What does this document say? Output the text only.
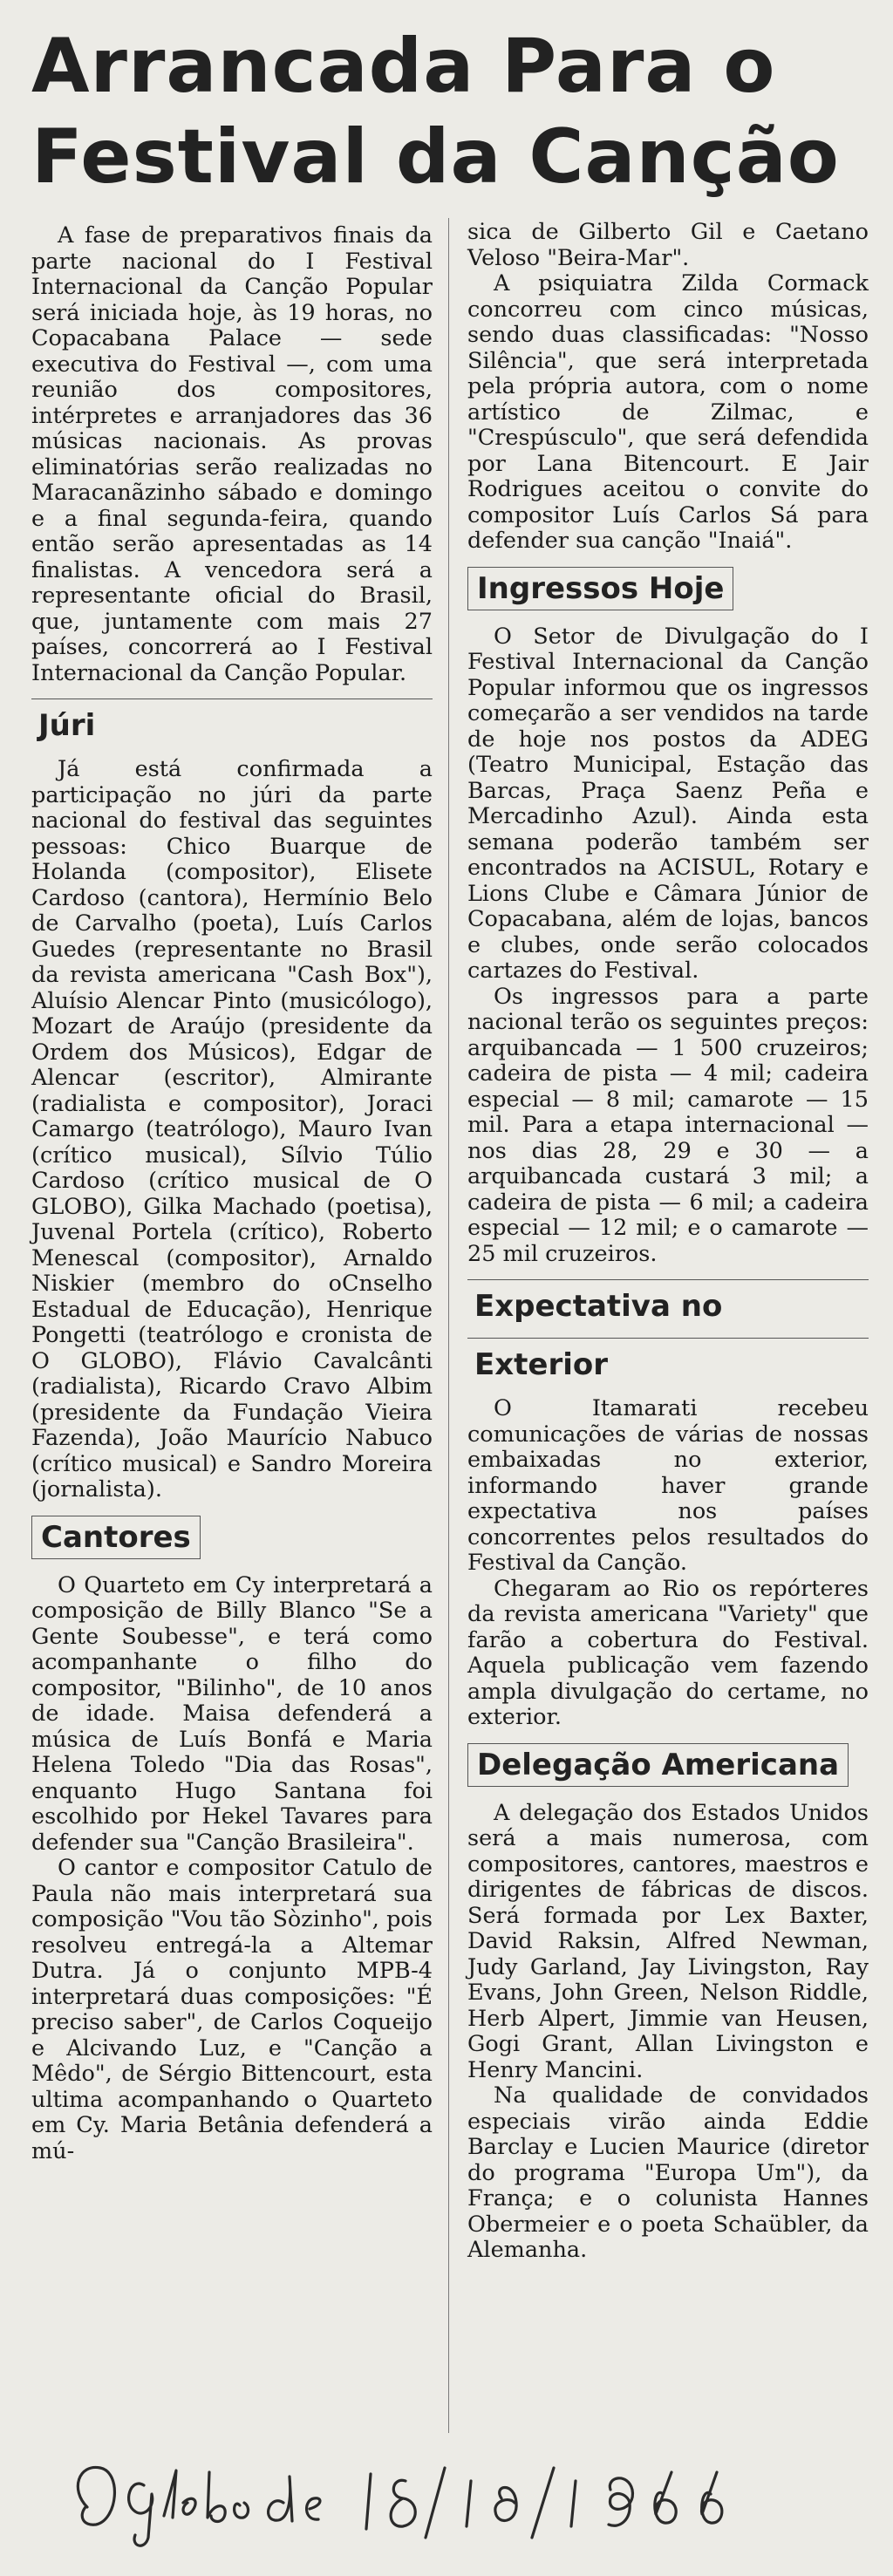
Arrancada Para o
Festival da Canção

A fase de preparativos finais da parte nacional do I Festival Internacional da Canção Popular será iniciada hoje, às 19 horas, no Copacabana Palace — sede executiva do Festival —, com uma reunião dos compositores, intérpretes e arranjadores das 36 músicas nacionais. As provas eliminatórias serão realizadas no Maracanãzinho sábado e domingo e a final segunda-feira, quando então serão apresentadas as 14 finalistas. A vencedora será a representante oficial do Brasil, que, juntamente com mais 27 países, concorrerá ao I Festival Internacional da Canção Popular.

Júri

Já está confirmada a participação no júri da parte nacional do festival das seguintes pessoas: Chico Buarque de Holanda (compositor), Elisete Cardoso (cantora), Hermínio Belo de Carvalho (poeta), Luís Carlos Guedes (representante no Brasil da revista americana "Cash Box"), Aluísio Alencar Pinto (musicólogo), Mozart de Araújo (presidente da Ordem dos Músicos), Edgar de Alencar (escritor), Almirante (radialista e compositor), Joraci Camargo (teatrólogo), Mauro Ivan (crítico musical), Sílvio Túlio Cardoso (crítico musical de O GLOBO), Gilka Machado (poetisa), Juvenal Portela (crítico), Roberto Menescal (compositor), Arnaldo Niskier (membro do oCnselho Estadual de Educação), Henrique Pongetti (teatrólogo e cronista de O GLOBO), Flávio Cavalcânti (radialista), Ricardo Cravo Albim (presidente da Fundação Vieira Fazenda), João Maurício Nabuco (crítico musical) e Sandro Moreira (jornalista).

Cantores

O Quarteto em Cy interpretará a composição de Billy Blanco "Se a Gente Soubesse", e terá como acompanhante o filho do compositor, "Bilinho", de 10 anos de idade. Maisa defenderá a música de Luís Bonfá e Maria Helena Toledo "Dia das Rosas", enquanto Hugo Santana foi escolhido por Hekel Tavares para defender sua "Canção Brasileira".

O cantor e compositor Catulo de Paula não mais interpretará sua composição "Vou tão Sòzinho", pois resolveu entregá-la a Altemar Dutra. Já o conjunto MPB-4 interpretará duas composições: "É preciso saber", de Carlos Coqueijo e Alcivando Luz, e "Canção a Mêdo", de Sérgio Bittencourt, esta ultima acompanhando o Quarteto em Cy. Maria Betânia defenderá a mú-

sica de Gilberto Gil e Caetano Veloso "Beira-Mar".

A psiquiatra Zilda Cormack concorreu com cinco músicas, sendo duas classificadas: "Nosso Silência", que será interpretada pela própria autora, com o nome artístico de Zilmac, e "Crespúsculo", que será defendida por Lana Bitencourt. E Jair Rodrigues aceitou o convite do compositor Luís Carlos Sá para defender sua canção "Inaiá".

Ingressos Hoje

O Setor de Divulgação do I Festival Internacional da Canção Popular informou que os ingressos começarão a ser vendidos na tarde de hoje nos postos da ADEG (Teatro Municipal, Estação das Barcas, Praça Saenz Peña e Mercadinho Azul). Ainda esta semana poderão também ser encontrados na ACISUL, Rotary e Lions Clube e Câmara Júnior de Copacabana, além de lojas, bancos e clubes, onde serão colocados cartazes do Festival.

Os ingressos para a parte nacional terão os seguintes preços: arquibancada — 1 500 cruzeiros; cadeira de pista — 4 mil; cadeira especial — 8 mil; camarote — 15 mil. Para a etapa internacional — nos dias 28, 29 e 30 — a arquibancada custará 3 mil; a cadeira de pista — 6 mil; a cadeira especial — 12 mil; e o camarote — 25 mil cruzeiros.

Expectativa no
Exterior

O Itamarati recebeu comunicações de várias de nossas embaixadas no exterior, informando haver grande expectativa nos países concorrentes pelos resultados do Festival da Canção.

Chegaram ao Rio os repórteres da revista americana "Variety" que farão a cobertura do Festival. Aquela publicação vem fazendo ampla divulgação do certame, no exterior.

Delegação Americana

A delegação dos Estados Unidos será a mais numerosa, com compositores, cantores, maestros e dirigentes de fábricas de discos. Será formada por Lex Baxter, David Raksin, Alfred Newman, Judy Garland, Jay Livingston, Ray Evans, John Green, Nelson Riddle, Herb Alpert, Jimmie van Heusen, Gogi Grant, Allan Livingston e Henry Mancini.

Na qualidade de convidados especiais virão ainda Eddie Barclay e Lucien Maurice (diretor do programa "Europa Um"), da França; e o colunista Hannes Obermeier e o poeta Schaübler, da Alemanha.
